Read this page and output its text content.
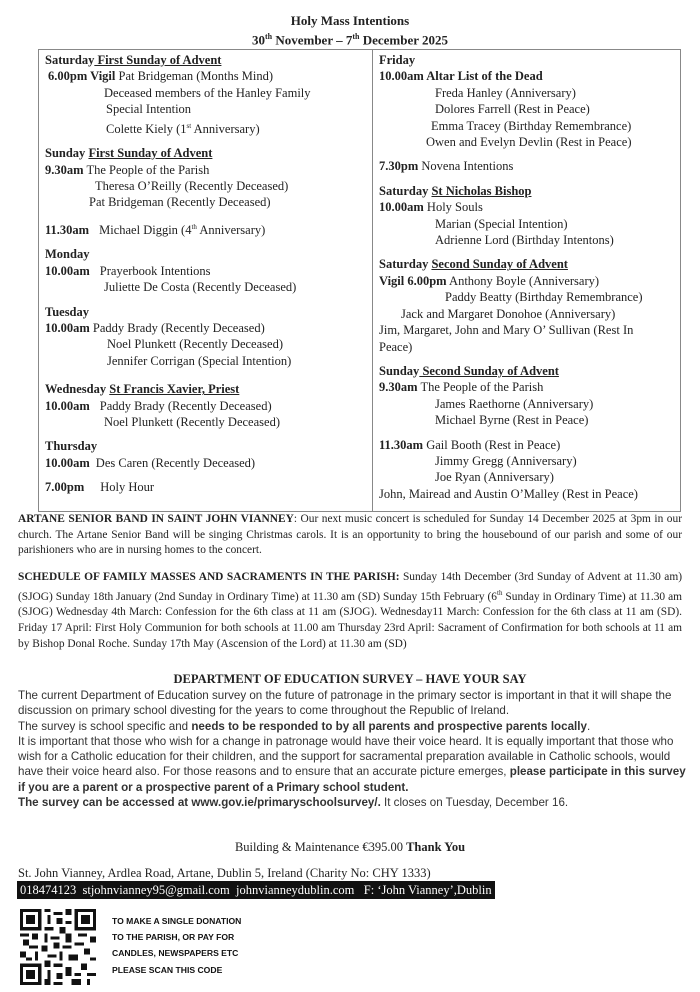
Holy Mass Intentions
30th November – 7th December 2025
Saturday First Sunday of Advent
6.00pm Vigil Pat Bridgeman (Months Mind)
Deceased members of the Hanley Family
Special Intention
Colette Kiely (1st Anniversary)
Sunday First Sunday of Advent
9.30am The People of the Parish
Theresa O’Reilly (Recently Deceased)
Pat Bridgeman (Recently Deceased)
11.30am Michael Diggin (4th Anniversary)
Monday
10.00am Prayerbook Intentions
Juliette De Costa (Recently Deceased)
Tuesday
10.00am Paddy Brady (Recently Deceased)
Noel Plunkett (Recently Deceased)
Jennifer Corrigan (Special Intention)
Wednesday St Francis Xavier, Priest
10.00am Paddy Brady (Recently Deceased)
Noel Plunkett (Recently Deceased)
Thursday
10.00am Des Caren (Recently Deceased)
7.00pm Holy Hour
Friday
10.00am Altar List of the Dead
Freda Hanley (Anniversary)
Dolores Farrell (Rest in Peace)
Emma Tracey (Birthday Remembrance)
Owen and Evelyn Devlin (Rest in Peace)
7.30pm Novena Intentions
Saturday St Nicholas Bishop
10.00am Holy Souls
Marian (Special Intention)
Adrienne Lord (Birthday Intentons)
Saturday Second Sunday of Advent
Vigil 6.00pm Anthony Boyle (Anniversary)
Paddy Beatty (Birthday Remembrance)
Jack and Margaret Donohoe (Anniversary)
Jim, Margaret, John and Mary O’ Sullivan (Rest In
Peace)
Sunday Second Sunday of Advent
9.30am The People of the Parish
James Raethorne (Anniversary)
Michael Byrne (Rest in Peace)
11.30am Gail Booth (Rest in Peace)
Jimmy Gregg (Anniversary)
Joe Ryan (Anniversary)
John, Mairead and Austin O’Malley (Rest in Peace)
ARTANE SENIOR BAND IN SAINT JOHN VIANNEY: Our next music concert is scheduled for Sunday 14 December 2025 at 3pm in our church. The Artane Senior Band will be singing Christmas carols. It is an opportunity to bring the housebound of our parish and some of our parishioners who are in nursing homes to the concert.
SCHEDULE OF FAMILY MASSES AND SACRAMENTS IN THE PARISH: Sunday 14th December (3rd Sunday of Advent at 11.30 am) (SJOG) Sunday 18th January (2nd Sunday in Ordinary Time) at 11.30 am (SD) Sunday 15th February (6th Sunday in Ordinary Time) at 11.30 am (SJOG) Wednesday 4th March: Confession for the 6th class at 11 am (SJOG). Wednesday11 March: Confession for the 6th class at 11 am (SD). Friday 17 April: First Holy Communion for both schools at 11.00 am Thursday 23rd April: Sacrament of Confirmation for both schools at 11 am by Bishop Donal Roche. Sunday 17th May (Ascension of the Lord) at 11.30 am (SD)
DEPARTMENT OF EDUCATION SURVEY – HAVE YOUR SAY
The current Department of Education survey on the future of patronage in the primary sector is important in that it will shape the discussion on primary school divesting for the years to come throughout the Republic of Ireland.
The survey is school specific and needs to be responded to by all parents and prospective parents locally.
It is important that those who wish for a change in patronage would have their voice heard. It is equally important that those who wish for a Catholic education for their children, and the support for sacramental preparation available in Catholic schools, would have their voice heard also. For those reasons and to ensure that an accurate picture emerges, please participate in this survey if you are a parent or a prospective parent of a Primary school student.
The survey can be accessed at www.gov.ie/primaryschoolsurvey/. It closes on Tuesday, December 16.
Building & Maintenance €395.00 Thank You
St. John Vianney, Ardlea Road, Artane, Dublin 5, Ireland (Charity No: CHY 1333)
018474123 stjohnvianney95@gmail.com johnvianneydublin.com F: ‘John Vianney’,Dublin
TO MAKE A SINGLE DONATION
TO THE PARISH, OR PAY FOR
CANDLES, NEWSPAPERS ETC
PLEASE SCAN THIS CODE
